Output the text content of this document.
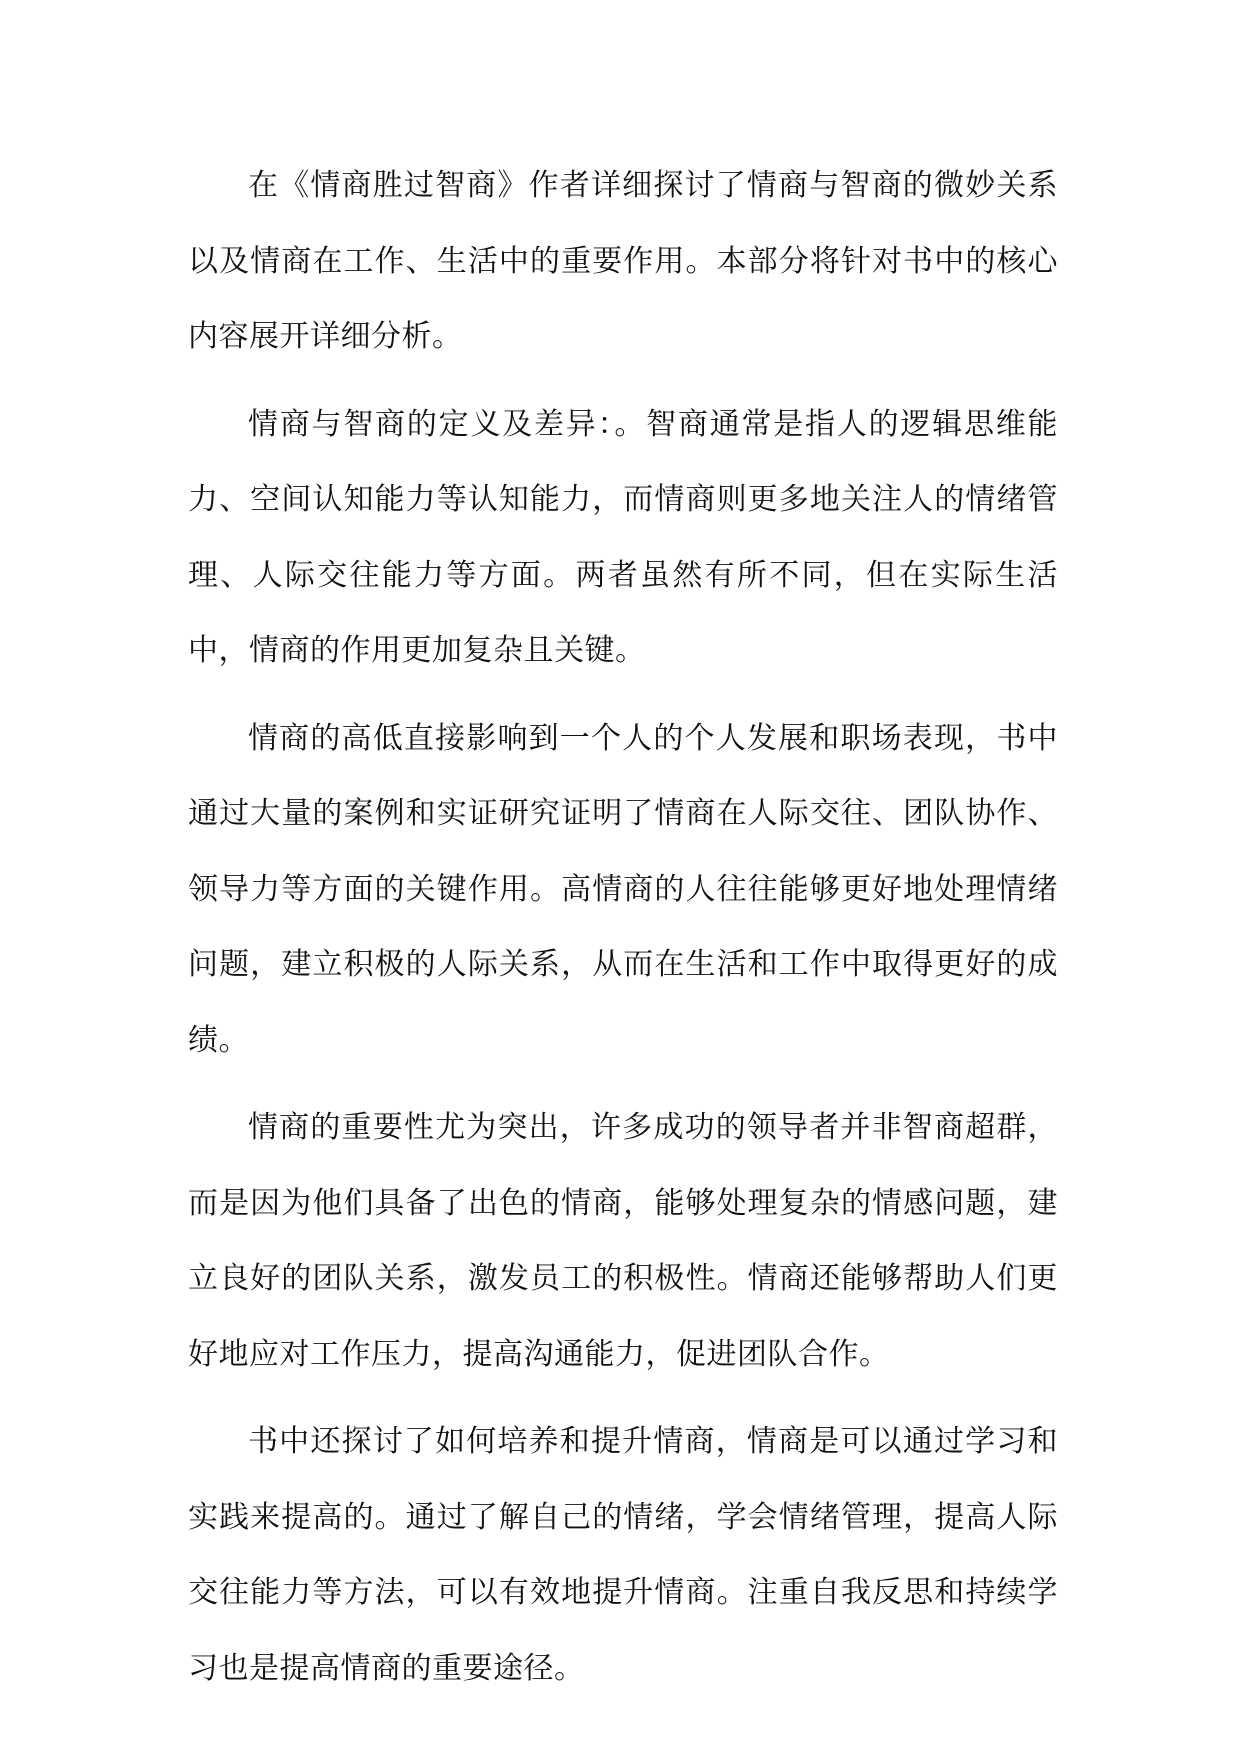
在《情商胜过智商》作者详细探讨了情商与智商的微妙关系以及情商在工作、生活中的重要作用。本部分将针对书中的核心内容展开详细分析。

情商与智商的定义及差异：。智商通常是指人的逻辑思维能力、空间认知能力等认知能力，而情商则更多地关注人的情绪管理、人际交往能力等方面。两者虽然有所不同，但在实际生活中，情商的作用更加复杂且关键。

情商的高低直接影响到一个人的个人发展和职场表现，书中通过大量的案例和实证研究证明了情商在人际交往、团队协作、领导力等方面的关键作用。高情商的人往往能够更好地处理情绪问题，建立积极的人际关系，从而在生活和工作中取得更好的成绩。

情商的重要性尤为突出，许多成功的领导者并非智商超群，而是因为他们具备了出色的情商，能够处理复杂的情感问题，建立良好的团队关系，激发员工的积极性。情商还能够帮助人们更好地应对工作压力，提高沟通能力，促进团队合作。

书中还探讨了如何培养和提升情商，情商是可以通过学习和实践来提高的。通过了解自己的情绪，学会情绪管理，提高人际交往能力等方法，可以有效地提升情商。注重自我反思和持续学习也是提高情商的重要途径。
